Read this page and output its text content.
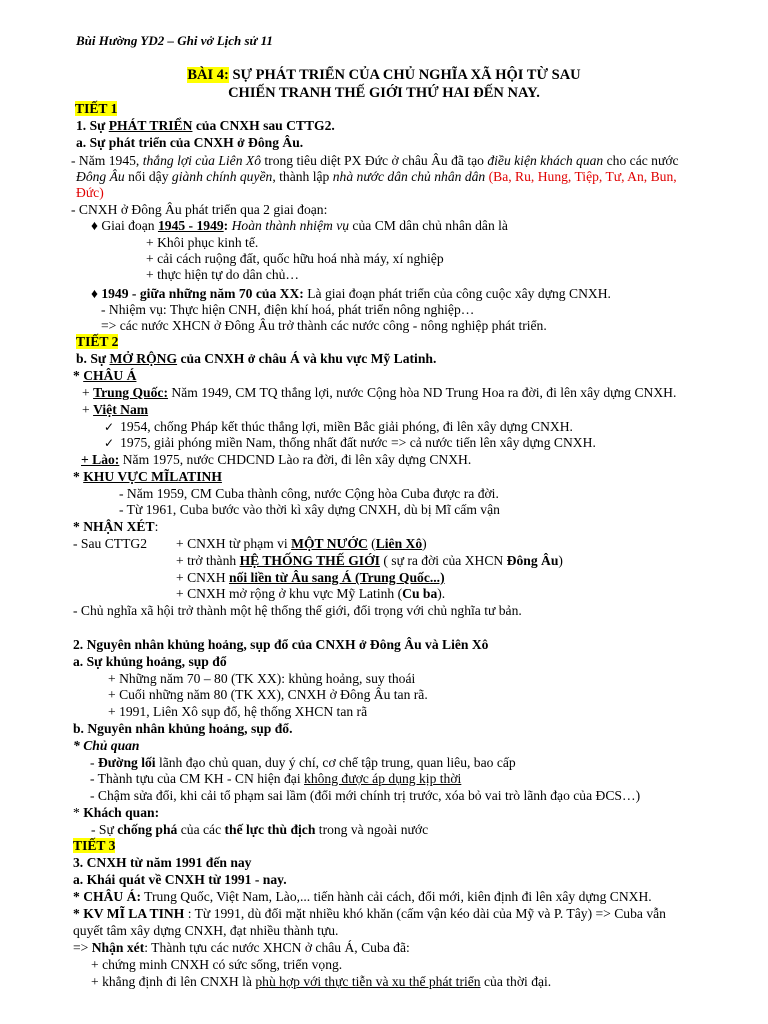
Bùi Hường YD2 – Ghi vở Lịch sử 11
BÀI 4: SỰ PHÁT TRIỂN CỦA CHỦ NGHĨA XÃ HỘI TỪ SAU
CHIẾN TRANH THẾ GIỚI THỨ HAI ĐẾN NAY.
TIẾT 1
1. Sự PHÁT TRIỂN của CNXH sau CTTG2.
a. Sự phát triển của CNXH ở Đông Âu.
- Năm 1945, thắng lợi của Liên Xô trong tiêu diệt PX Đức ở châu Âu đã tạo điều kiện khách quan cho các nước
Đông Âu nổi dậy giành chính quyền, thành lập nhà nước dân chủ nhân dân (Ba, Ru, Hung, Tiệp, Tư, An, Bun,
Đức)
- CNXH ở Đông Âu phát triển qua 2 giai đoạn:
♦ Giai đoạn 1945 - 1949: Hoàn thành nhiệm vụ của CM dân chủ nhân dân là
+ Khôi phục kinh tế.
+ cải cách ruộng đất, quốc hữu hoá nhà máy, xí nghiệp
+ thực hiện tự do dân chủ…
♦ 1949 - giữa những năm 70 của XX: Là giai đoạn phát triển của công cuộc xây dựng CNXH.
- Nhiệm vụ: Thực hiện CNH, điện khí hoá, phát triển nông nghiệp…
=> các nước XHCN ở Đông Âu trở thành các nước công - nông nghiệp phát triển.
TIẾT 2
b. Sự MỞ RỘNG của CNXH ở châu Á và khu vực Mỹ Latinh.
* CHÂU Á
+ Trung Quốc: Năm 1949, CM TQ thắng lợi, nước Cộng hòa ND Trung Hoa ra đời, đi lên xây dựng CNXH.
+ Việt Nam
✓ 1954, chống Pháp kết thúc thắng lợi, miền Bắc giải phóng, đi lên xây dựng CNXH.
✓ 1975, giải phóng miền Nam, thống nhất đất nước => cả nước tiến lên xây dựng CNXH.
+ Lào: Năm 1975, nước CHDCND Lào ra đời, đi lên xây dựng CNXH.
* KHU VỰC MĨLATINH
- Năm 1959, CM Cuba thành công, nước Cộng hòa Cuba được ra đời.
- Từ 1961, Cuba bước vào thời kì xây dựng CNXH, dù bị Mĩ cấm vận
* NHẬN XÉT:
- Sau CTTG2 + CNXH từ phạm vi MỘT NƯỚC (Liên Xô)
+ trở thành HỆ THỐNG THẾ GIỚI ( sự ra đời của XHCN Đông Âu)
+ CNXH nối liền từ Âu sang Á (Trung Quốc...)
+ CNXH mở rộng ở khu vực Mỹ Latinh (Cu ba).
- Chủ nghĩa xã hội trở thành một hệ thống thế giới, đối trọng với chủ nghĩa tư bản.
2. Nguyên nhân khủng hoảng, sụp đổ của CNXH ở Đông Âu và Liên Xô
a. Sự khủng hoảng, sụp đổ
+ Những năm 70 – 80 (TK XX): khủng hoảng, suy thoái
+ Cuối những năm 80 (TK XX), CNXH ở Đông Âu tan rã.
+ 1991, Liên Xô sụp đổ, hệ thống XHCN tan rã
b. Nguyên nhân khủng hoảng, sụp đổ.
* Chủ quan
- Đường lối lãnh đạo chủ quan, duy ý chí, cơ chế tập trung, quan liêu, bao cấp
- Thành tựu của CM KH - CN hiện đại không được áp dụng kịp thời
- Chậm sửa đổi, khi cải tổ phạm sai lầm (đổi mới chính trị trước, xóa bỏ vai trò lãnh đạo của ĐCS…)
* Khách quan:
- Sự chống phá của các thế lực thù địch trong và ngoài nước
TIẾT 3
3. CNXH từ năm 1991 đến nay
a. Khái quát về CNXH từ 1991 - nay.
* CHÂU Á: Trung Quốc, Việt Nam, Lào,... tiến hành cải cách, đổi mới, kiên định đi lên xây dựng CNXH.
* KV MĨ LA TINH : Từ 1991, dù đối mặt nhiều khó khăn (cấm vận kéo dài của Mỹ và P. Tây) => Cuba vẫn
quyết tâm xây dựng CNXH, đạt nhiều thành tựu.
=> Nhận xét: Thành tựu các nước XHCN ở châu Á, Cuba đã:
+ chứng minh CNXH có sức sống, triển vọng.
+ khẳng định đi lên CNXH là phù hợp với thực tiễn và xu thế phát triển của thời đại.
